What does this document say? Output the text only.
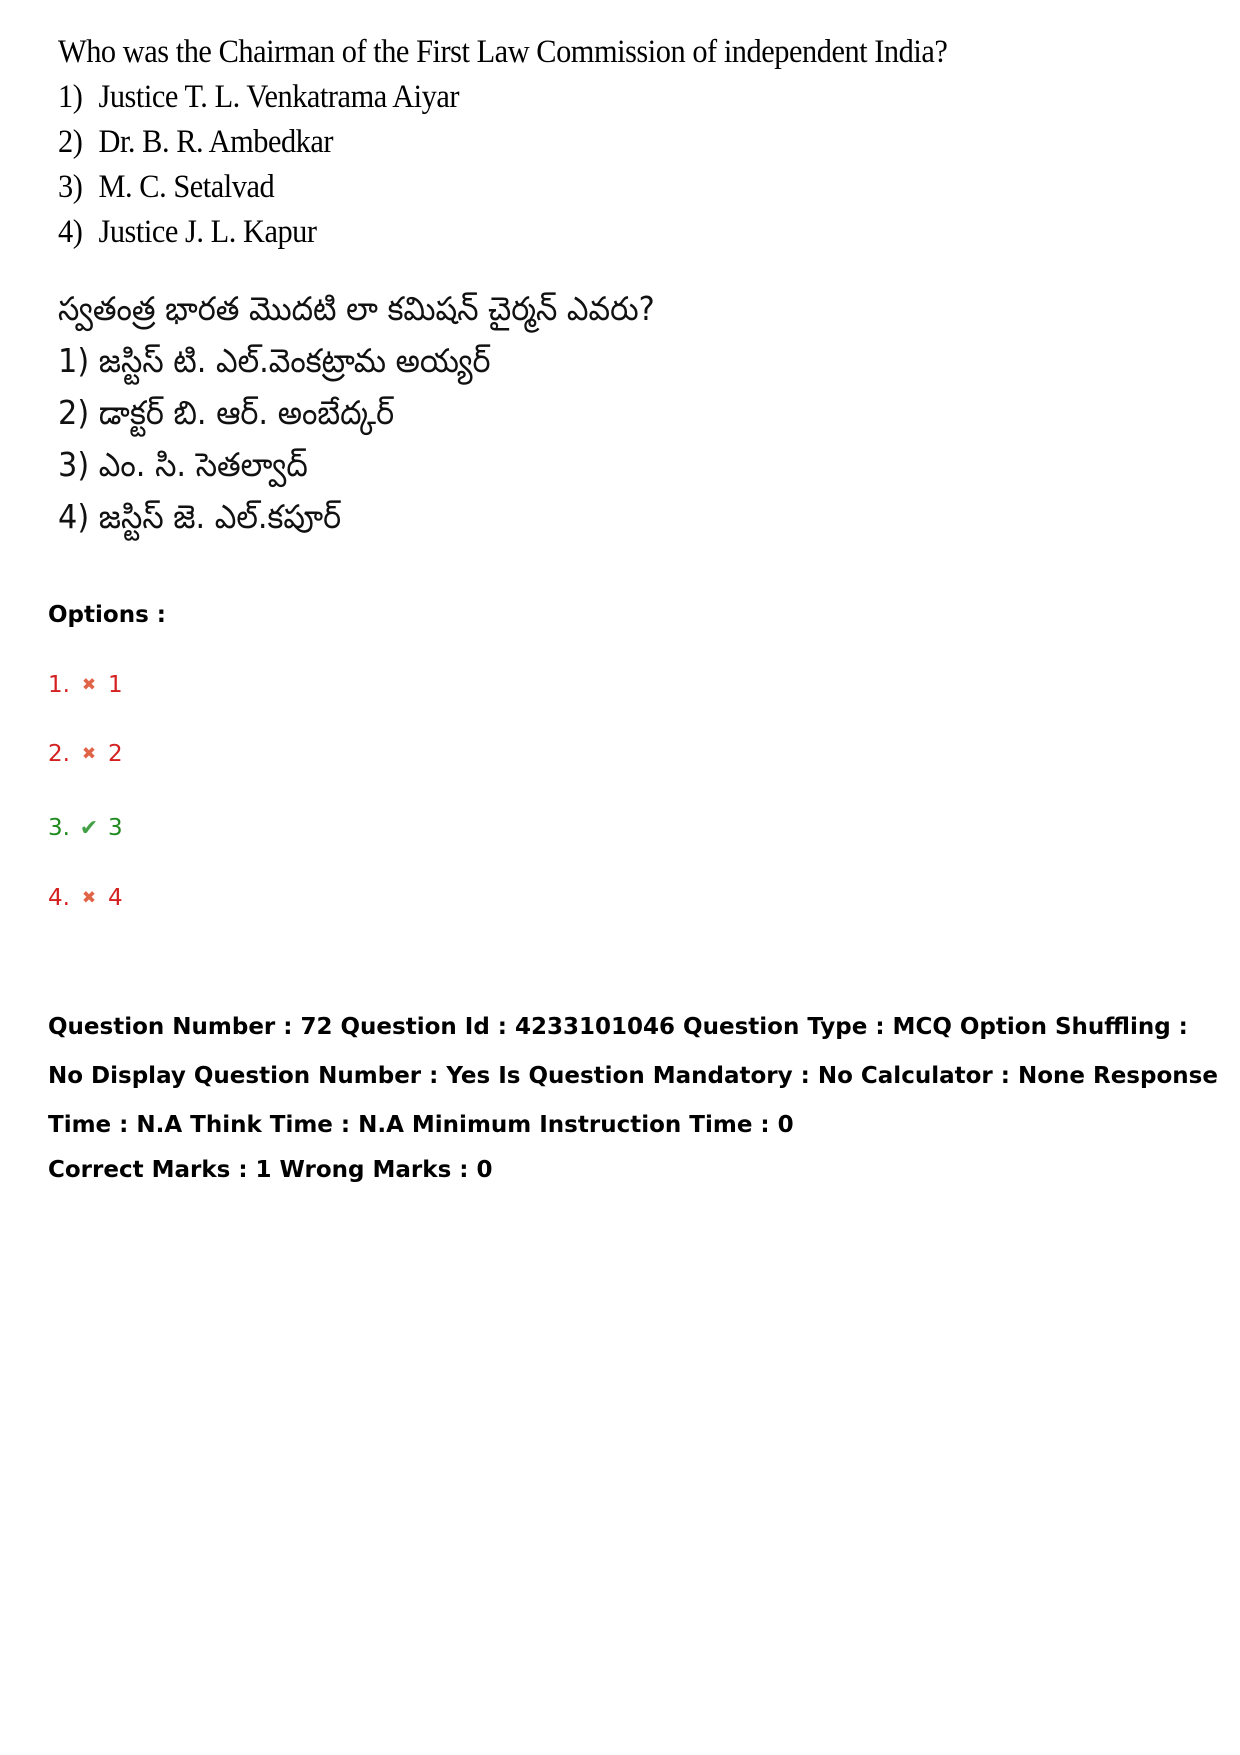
Who was the Chairman of the First Law Commission of independent India?
1) Justice T. L. Venkatrama Aiyar
2) Dr. B. R. Ambedkar
3) M. C. Setalvad
4) Justice J. L. Kapur
స్వతంత్ర భారత మొదటి లా కమిషన్ చైర్మన్ ఎవరు?
1) జస్టిస్ టి. ఎల్.వెంకట్రామ అయ్యర్
2) డాక్టర్ బి. ఆర్. అంబేద్కర్
3) ఎం. సి. సెతల్వాద్
4) జస్టిస్ జె. ఎల్.కపూర్
Options :
1. ✖ 1
2. ✖ 2
3. ✔ 3
4. ✖ 4
Question Number : 72 Question Id : 4233101046 Question Type : MCQ Option Shuffling : No Display Question Number : Yes Is Question Mandatory : No Calculator : None Response Time : N.A Think Time : N.A Minimum Instruction Time : 0
Correct Marks : 1 Wrong Marks : 0
